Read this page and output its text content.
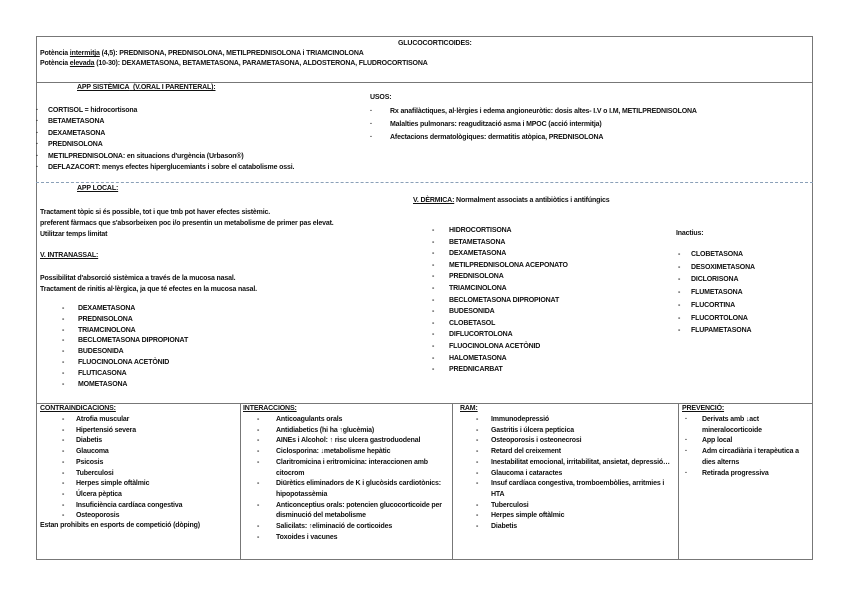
GLUCOCORTICOIDES:
Potència intermitja (4,5): PREDNISONA, PREDNISOLONA, METILPREDNISOLONA i TRIAMCINOLONA
Potència elevada (10-30): DEXAMETASONA, BETAMETASONA, PARAMETASONA, ALDOSTERONA, FLUDROCORTISONA
APP SISTÈMICA (V.ORAL I PARENTERAL):
· CORTISOL = hidrocortisona
· BETAMETASONA
· DEXAMETASONA
· PREDNISOLONA
· METILPREDNISOLONA: en situacions d'urgència (Urbason®)
· DEFLAZACORT: menys efectes hiperglucemiants i sobre el catabolisme ossi.
USOS:
·	Rx anafilàctiques, al·lèrgies i edema angioneuròtic: dosis altes- I.V o I.M, METILPREDNISOLONA
·	Malalties pulmonars: reagudització asma i MPOC (acció intermitja)
·	Afectacions dermatològiques: dermatitis atòpica, PREDNISOLONA
APP LOCAL:
Tractament tòpic si és possible, tot i que tmb pot haver efectes sistèmic.
preferent fàrmacs que s'absorbeixen poc i/o presentin un metabolisme de primer pas elevat.
Utilitzar temps limitat
V. INTRANASSAL:
Possibilitat d'absorció sistèmica a través de la mucosa nasal.
Tractament de rinitis al·lèrgica, ja que té efectes en la mucosa nasal.
- DEXAMETASONA
- PREDNISOLONA
- TRIAMCINOLONA
- BECLOMETASONA DIPROPIONAT
- BUDESONIDA
- FLUOCINOLONA ACETÒNID
- FLUTICASONA
- MOMETASONA
V. DÈRMICA: Normalment associats a antibiòtics i antifúngics
- HIDROCORTISONA
- BETAMETASONA
- DEXAMETASONA
- METILPREDNISOLONA ACEPONATO
- PREDNISOLONA
- TRIAMCINOLONA
- BECLOMETASONA DIPROPIONAT
- BUDESONIDA
- CLOBETASOL
- DIFLUCORTOLONA
- FLUOCINOLONA ACETÒNID
- HALOMETASONA
- PREDNICARBAT
Inactius:
- CLOBETASONA
- DESOXIMETASONA
- DICLORISONA
- FLUMETASONA
- FLUCORTINA
- FLUCORTOLONA
- FLUPAMETASONA
CONTRAINDICACIONS:
- Atrofia muscular
- Hipertensió severa
- Diabetis
- Glaucoma
- Psicosis
- Tuberculosi
- Herpes simple oftàlmic
- Úlcera pèptica
- Insuficiència cardíaca congestiva
- Osteoporosis
Estan prohibits en esports de competició (dòping)
INTERACCIONS:
- Anticoagulants orals
- Antidiabetics (hi ha ↑glucèmia)
- AINEs i Alcohol: ↑ risc ulcera gastroduodenal
- Ciclosporina: ↓metabolisme hepàtic
- Claritromicina i eritromicina: interaccionen amb citocrom
- Diürètics eliminadors de K i glucòsids cardiotònics: hipopotassèmia
- Anticonceptius orals: potencien glucocorticoide per disminució del metabolisme
- Salicilats: ↑eliminació de corticoides
- Toxoides i vacunes
RAM:
- Immunodepressió
- Gastritis i úlcera pepticica
- Osteoporosis i osteonecrosi
- Retard del creixement
- Inestabilitat emocional, irritabilitat, ansietat, depressió…
- Glaucoma i cataractes
- Insuf cardíaca congestiva, tromboembòlies, arritmies i HTA
- Tuberculosi
- Herpes simple oftàlmic
- Diabetis
PREVENCIÓ:
· Derivats amb ↓act mineralocorticoide
· App local
· Adm circadiària i terapèutica a dies alterns
· Retirada progressiva
